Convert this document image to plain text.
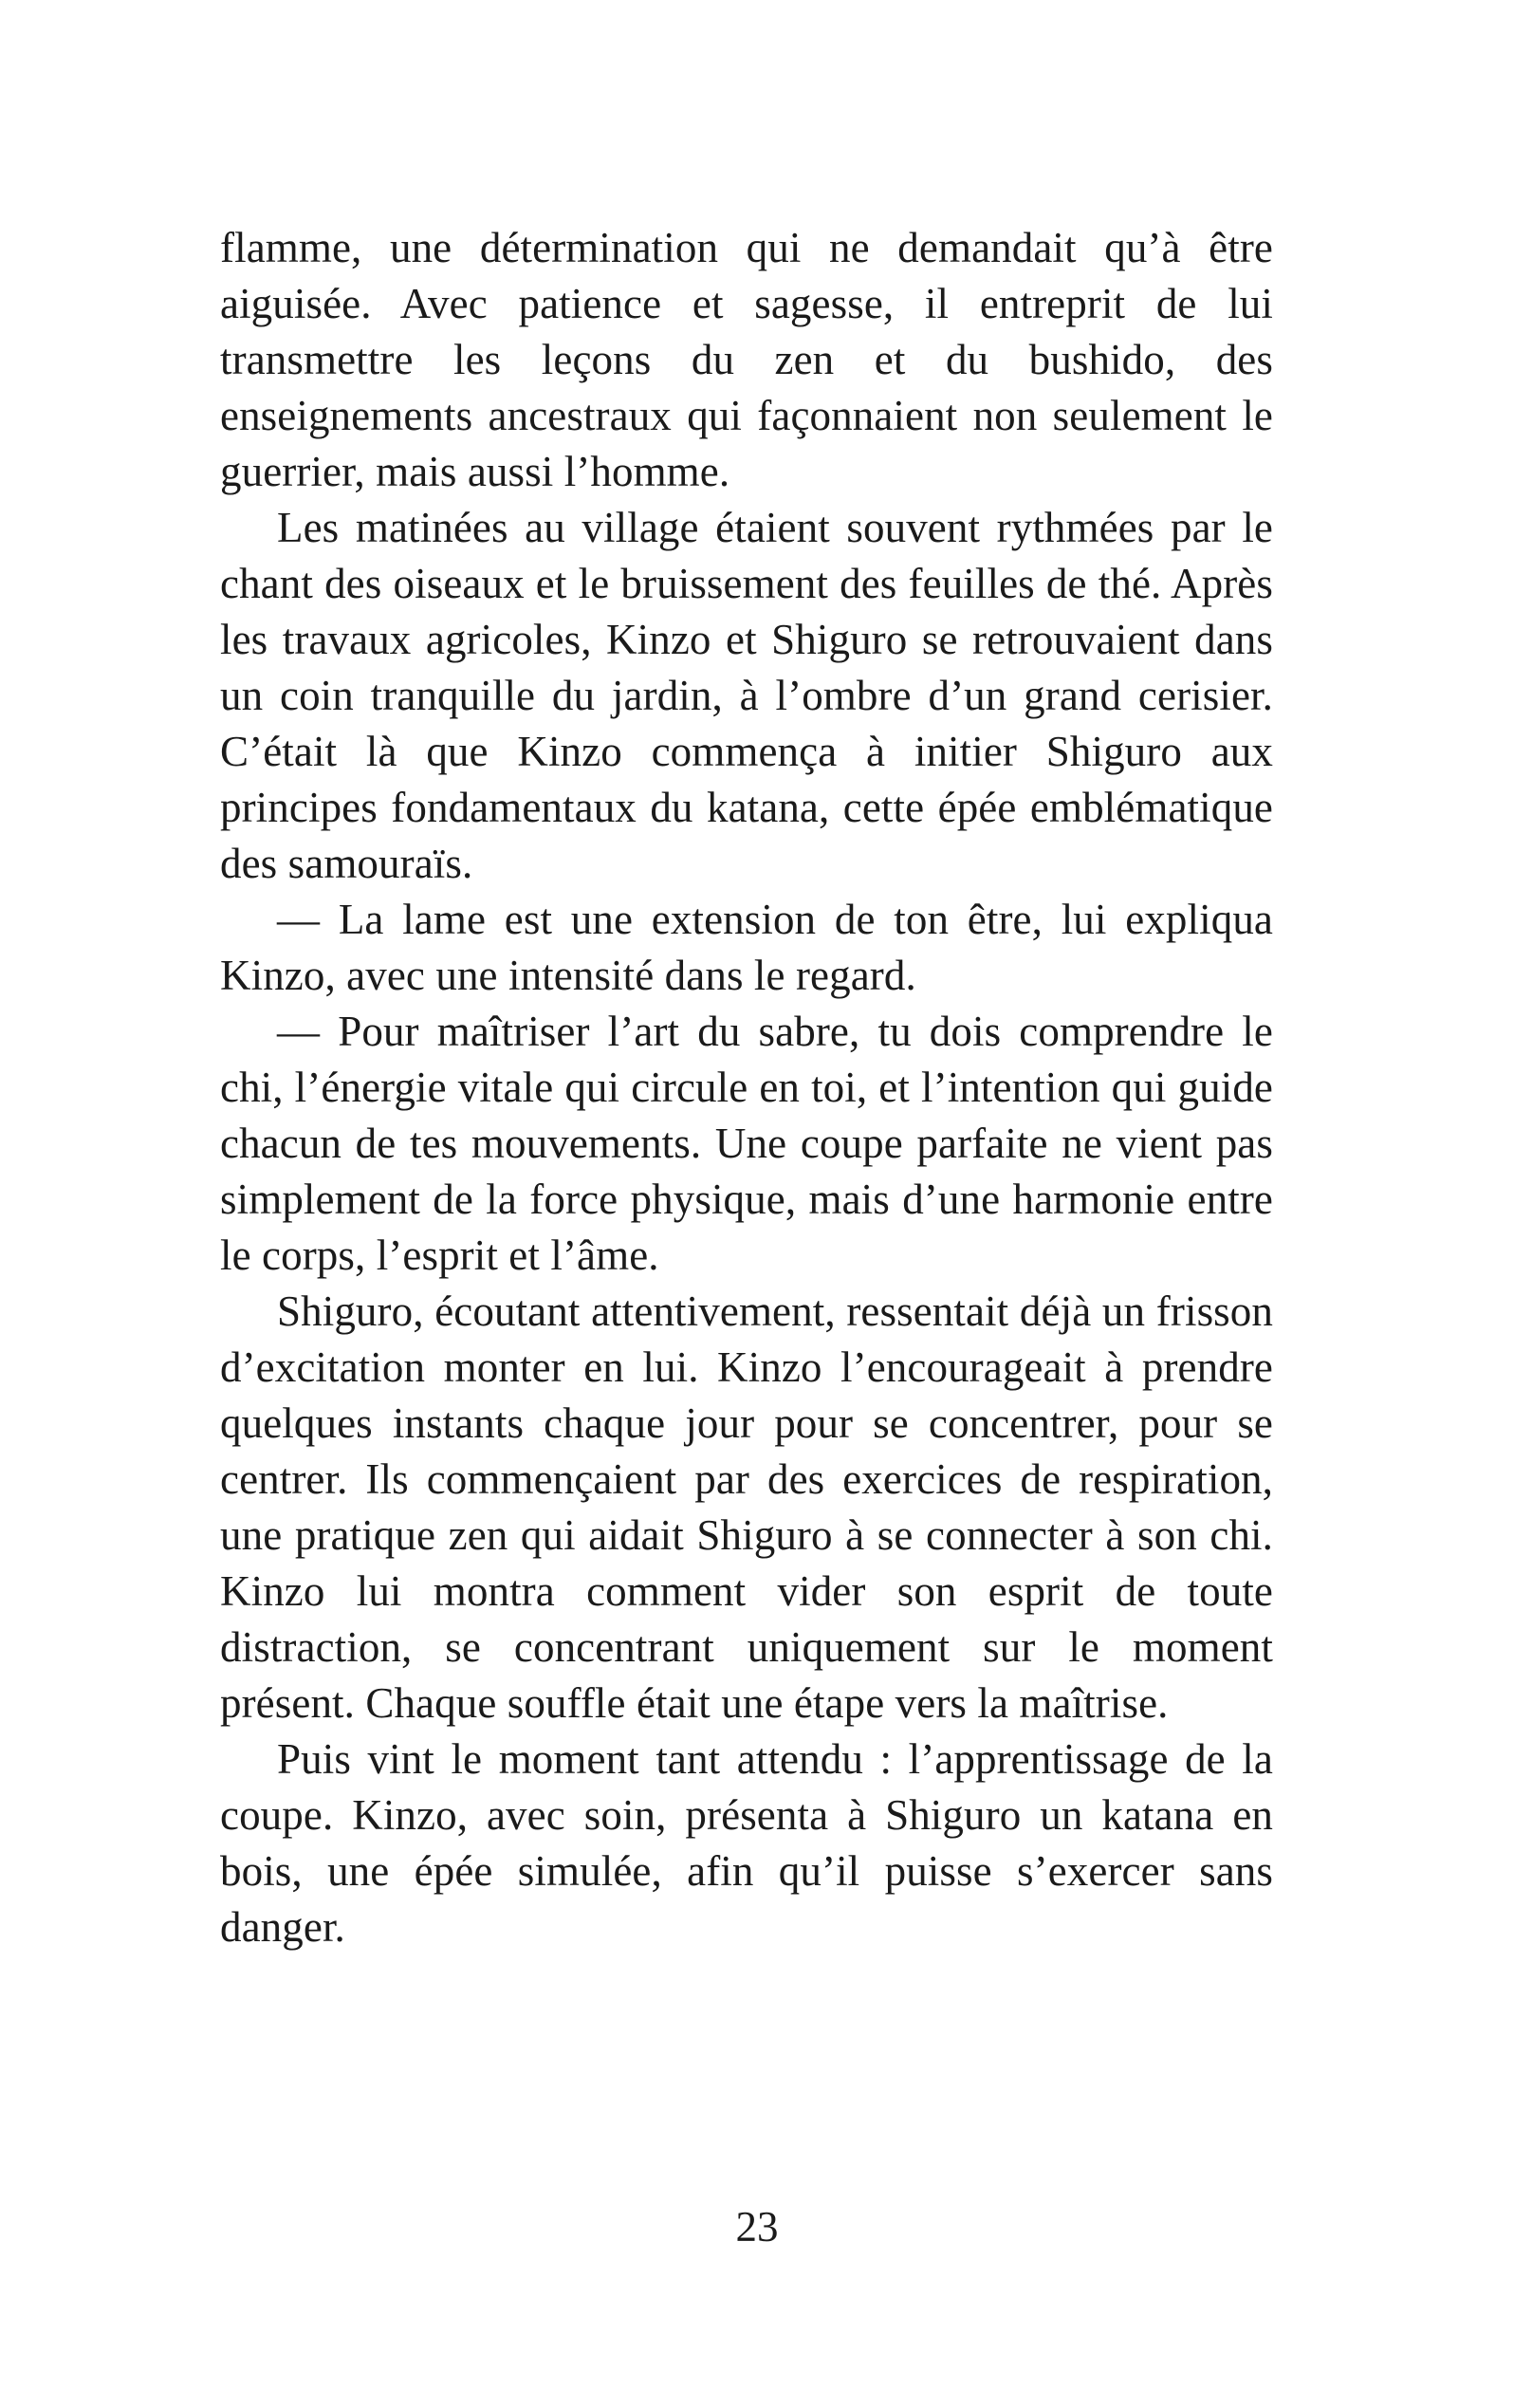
flamme, une détermination qui ne demandait qu’à être aiguisée. Avec patience et sagesse, il entreprit de lui transmettre les leçons du zen et du bushido, des enseignements ancestraux qui façonnaient non seulement le guerrier, mais aussi l’homme.

Les matinées au village étaient souvent rythmées par le chant des oiseaux et le bruissement des feuilles de thé. Après les travaux agricoles, Kinzo et Shiguro se retrouvaient dans un coin tranquille du jardin, à l’ombre d’un grand cerisier. C’était là que Kinzo commença à initier Shiguro aux principes fondamentaux du katana, cette épée emblématique des samouraïs.

— La lame est une extension de ton être, lui expliqua Kinzo, avec une intensité dans le regard.

— Pour maîtriser l’art du sabre, tu dois comprendre le chi, l’énergie vitale qui circule en toi, et l’intention qui guide chacun de tes mouvements. Une coupe parfaite ne vient pas simplement de la force physique, mais d’une harmonie entre le corps, l’esprit et l’âme.

Shiguro, écoutant attentivement, ressentait déjà un frisson d’excitation monter en lui. Kinzo l’encourageait à prendre quelques instants chaque jour pour se concentrer, pour se centrer. Ils commençaient par des exercices de respiration, une pratique zen qui aidait Shiguro à se connecter à son chi. Kinzo lui montra comment vider son esprit de toute distraction, se concentrant uniquement sur le moment présent. Chaque souffle était une étape vers la maîtrise.

Puis vint le moment tant attendu : l’apprentissage de la coupe. Kinzo, avec soin, présenta à Shiguro un katana en bois, une épée simulée, afin qu’il puisse s’exercer sans danger.

23
